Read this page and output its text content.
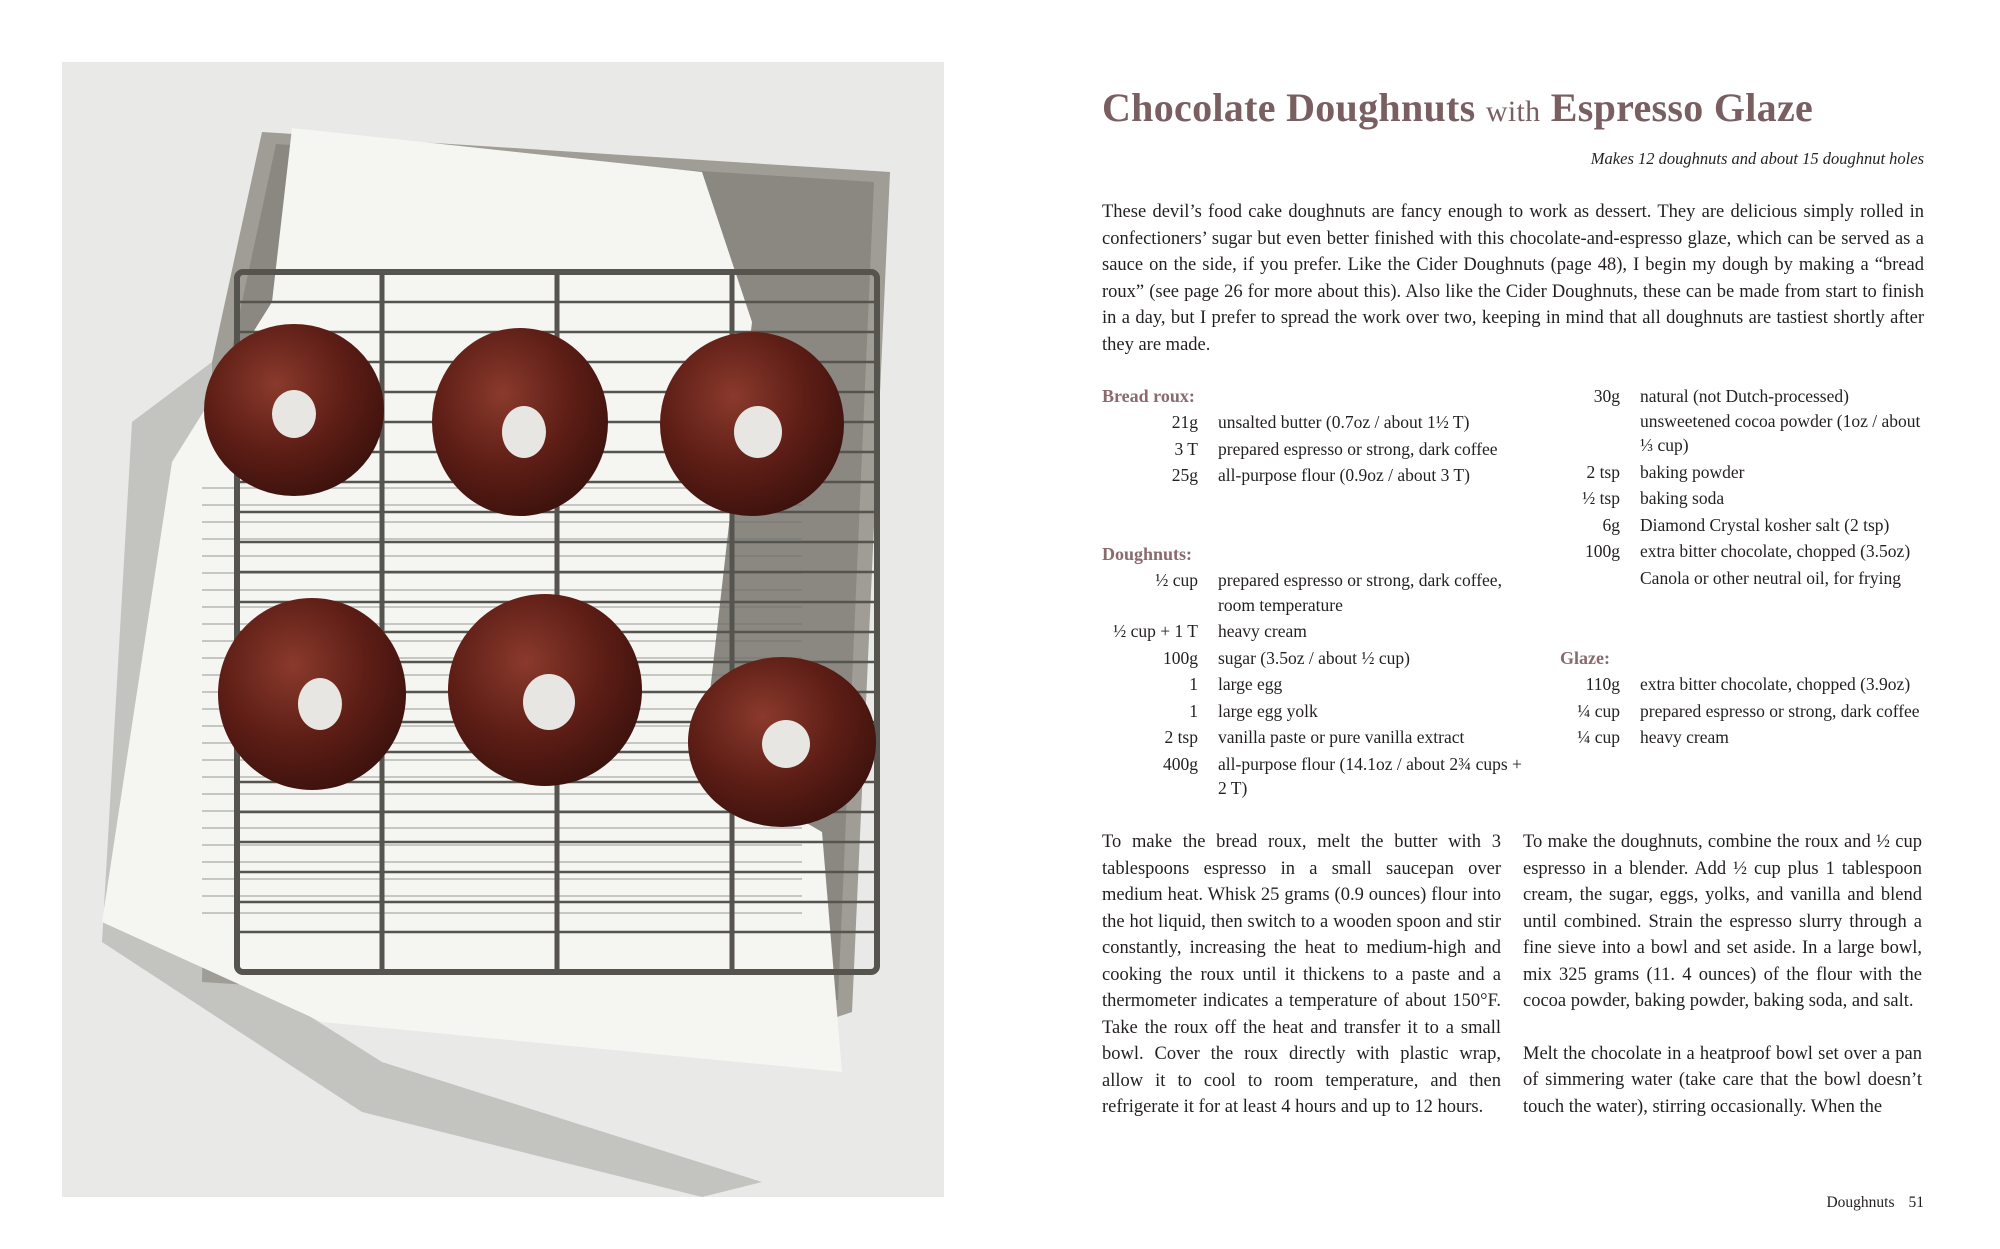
Chocolate Doughnuts with Espresso Glaze
Makes 12 doughnuts and about 15 doughnut holes

These devil’s food cake doughnuts are fancy enough to work as dessert. They are delicious simply rolled in confectioners’ sugar but even better finished with this chocolate-and-espresso glaze, which can be served as a sauce on the side, if you prefer. Like the Cider Doughnuts (page 48), I begin my dough by making a “bread roux” (see page 26 for more about this). Also like the Cider Doughnuts, these can be made from start to finish in a day, but I prefer to spread the work over two, keeping in mind that all doughnuts are tastiest shortly after they are made.

Bread roux:
21g	unsalted butter (0.7oz / about 1½ T)
3 T	prepared espresso or strong, dark coffee
25g	all-purpose flour (0.9oz / about 3 T)
Doughnuts:
½ cup	prepared espresso or strong, dark coffee, room temperature
½ cup + 1 T	heavy cream
100g	sugar (3.5oz / about ½ cup)
1	large egg
1	large egg yolk
2 tsp	vanilla paste or pure vanilla extract
400g	all-purpose flour (14.1oz / about 2¾ cups + 2 T)
30g	natural (not Dutch-processed) unsweetened cocoa powder (1oz / about ⅓ cup)
2 tsp	baking powder
½ tsp	baking soda
6g	Diamond Crystal kosher salt (2 tsp)
100g	extra bitter chocolate, chopped (3.5oz)
Canola or other neutral oil, for frying
Glaze:
110g	extra bitter chocolate, chopped (3.9oz)
¼ cup	prepared espresso or strong, dark coffee
¼ cup	heavy cream

To make the bread roux, melt the butter with 3 tablespoons espresso in a small saucepan over medium heat. Whisk 25 grams (0.9 ounces) flour into the hot liquid, then switch to a wooden spoon and stir constantly, increasing the heat to medium-high and cooking the roux until it thickens to a paste and a thermometer indicates a temperature of about 150°F. Take the roux off the heat and transfer it to a small bowl. Cover the roux directly with plastic wrap, allow it to cool to room temperature, and then refrigerate it for at least 4 hours and up to 12 hours.

To make the doughnuts, combine the roux and ½ cup espresso in a blender. Add ½ cup plus 1 tablespoon cream, the sugar, eggs, yolks, and vanilla and blend until combined. Strain the espresso slurry through a fine sieve into a bowl and set aside. In a large bowl, mix 325 grams (11. 4 ounces) of the flour with the cocoa powder, baking powder, baking soda, and salt.

Melt the chocolate in a heatproof bowl set over a pan of simmering water (take care that the bowl doesn’t touch the water), stirring occasionally. When the

Doughnuts 51
